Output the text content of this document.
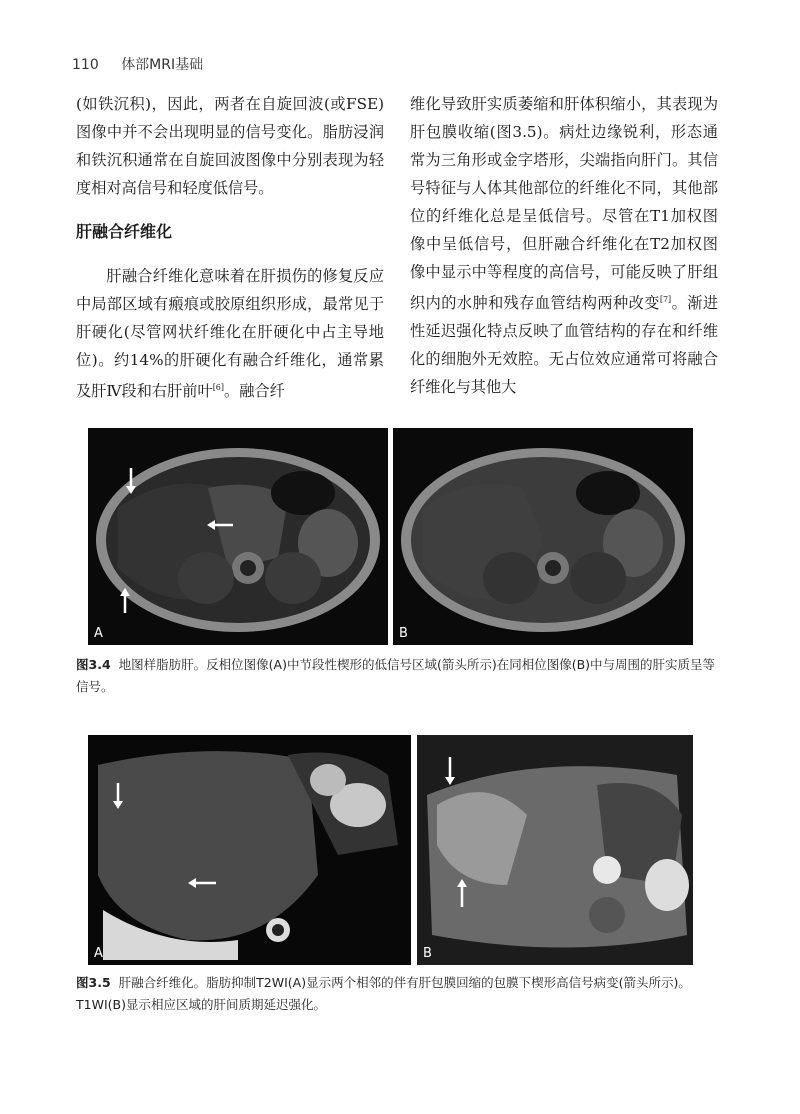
110 体部MRI基础

(如铁沉积)，因此，两者在自旋回波(或FSE)图像中并不会出现明显的信号变化。脂肪浸润和铁沉积通常在自旋回波图像中分别表现为轻度相对高信号和轻度低信号。

肝融合纤维化

肝融合纤维化意味着在肝损伤的修复反应中局部区域有瘢痕或胶原组织形成，最常见于肝硬化(尽管网状纤维化在肝硬化中占主导地位)。约14%的肝硬化有融合纤维化，通常累及肝Ⅳ段和右肝前叶[6]。融合纤

维化导致肝实质萎缩和肝体积缩小，其表现为肝包膜收缩(图3.5)。病灶边缘锐利，形态通常为三角形或金字塔形，尖端指向肝门。其信号特征与人体其他部位的纤维化不同，其他部位的纤维化总是呈低信号。尽管在T1加权图像中呈低信号，但肝融合纤维化在T2加权图像中显示中等程度的高信号，可能反映了肝组织内的水肿和残存血管结构两种改变[7]。渐进性延迟强化特点反映了血管结构的存在和纤维化的细胞外无效腔。无占位效应通常可将融合纤维化与其他大

A	B
图3.4 地图样脂肪肝。反相位图像(A)中节段性楔形的低信号区域(箭头所示)在同相位图像(B)中与周围的肝实质呈等信号。
A	B
图3.5 肝融合纤维化。脂肪抑制T2WI(A)显示两个相邻的伴有肝包膜回缩的包膜下楔形高信号病变(箭头所示)。T1WI(B)显示相应区域的肝间质期延迟强化。
